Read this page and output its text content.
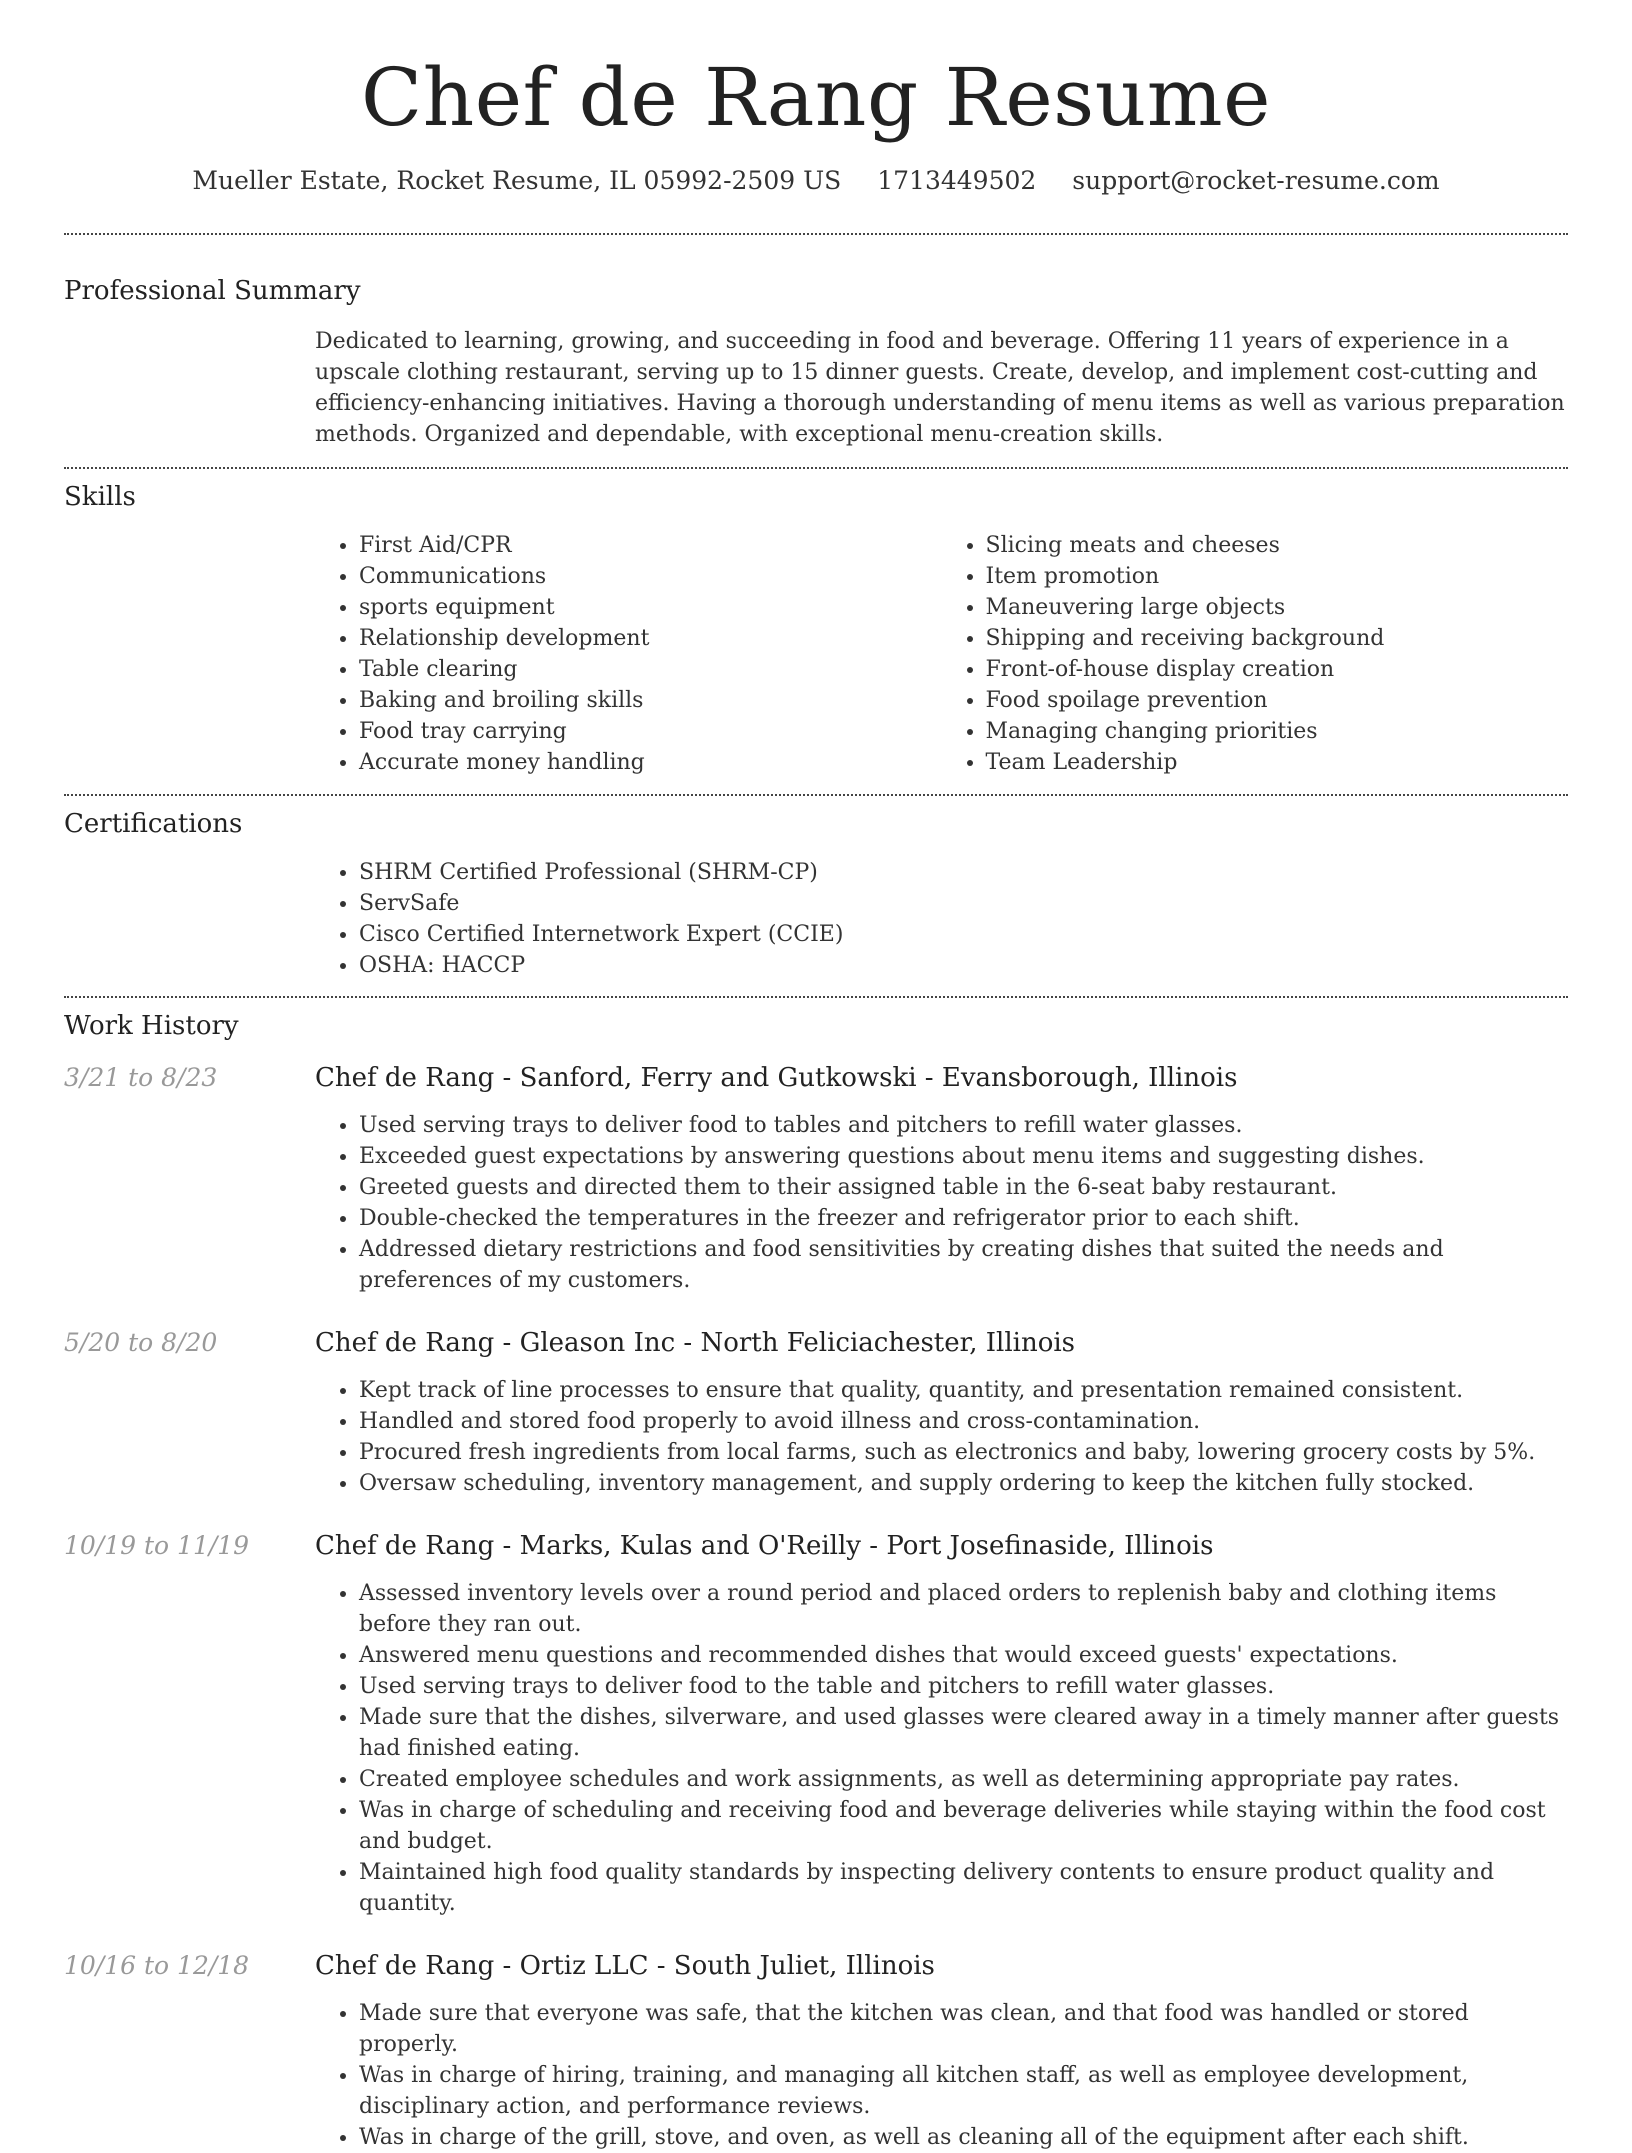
Chef de Rang Resume
Mueller Estate, Rocket Resume, IL 05992-2509 US 1713449502 support@rocket-resume.com
Professional Summary
Dedicated to learning, growing, and succeeding in food and beverage. Offering 11 years of experience in a upscale clothing restaurant, serving up to 15 dinner guests. Create, develop, and implement cost-cutting and efficiency-enhancing initiatives. Having a thorough understanding of menu items as well as various preparation methods. Organized and dependable, with exceptional menu-creation skills.
Skills
• First Aid/CPR
• Communications
• sports equipment
• Relationship development
• Table clearing
• Baking and broiling skills
• Food tray carrying
• Accurate money handling
• Slicing meats and cheeses
• Item promotion
• Maneuvering large objects
• Shipping and receiving background
• Front-of-house display creation
• Food spoilage prevention
• Managing changing priorities
• Team Leadership
Certifications
• SHRM Certified Professional (SHRM-CP)
• ServSafe
• Cisco Certified Internetwork Expert (CCIE)
• OSHA: HACCP
Work History
3/21 to 8/23	Chef de Rang - Sanford, Ferry and Gutkowski - Evansborough, Illinois
• Used serving trays to deliver food to tables and pitchers to refill water glasses.
• Exceeded guest expectations by answering questions about menu items and suggesting dishes.
• Greeted guests and directed them to their assigned table in the 6-seat baby restaurant.
• Double-checked the temperatures in the freezer and refrigerator prior to each shift.
• Addressed dietary restrictions and food sensitivities by creating dishes that suited the needs and preferences of my customers.
5/20 to 8/20	Chef de Rang - Gleason Inc - North Feliciachester, Illinois
• Kept track of line processes to ensure that quality, quantity, and presentation remained consistent.
• Handled and stored food properly to avoid illness and cross-contamination.
• Procured fresh ingredients from local farms, such as electronics and baby, lowering grocery costs by 5%.
• Oversaw scheduling, inventory management, and supply ordering to keep the kitchen fully stocked.
10/19 to 11/19	Chef de Rang - Marks, Kulas and O'Reilly - Port Josefinaside, Illinois
• Assessed inventory levels over a round period and placed orders to replenish baby and clothing items before they ran out.
• Answered menu questions and recommended dishes that would exceed guests' expectations.
• Used serving trays to deliver food to the table and pitchers to refill water glasses.
• Made sure that the dishes, silverware, and used glasses were cleared away in a timely manner after guests had finished eating.
• Created employee schedules and work assignments, as well as determining appropriate pay rates.
• Was in charge of scheduling and receiving food and beverage deliveries while staying within the food cost and budget.
• Maintained high food quality standards by inspecting delivery contents to ensure product quality and quantity.
10/16 to 12/18	Chef de Rang - Ortiz LLC - South Juliet, Illinois
• Made sure that everyone was safe, that the kitchen was clean, and that food was handled or stored properly.
• Was in charge of hiring, training, and managing all kitchen staff, as well as employee development, disciplinary action, and performance reviews.
• Was in charge of the grill, stove, and oven, as well as cleaning all of the equipment after each shift.
